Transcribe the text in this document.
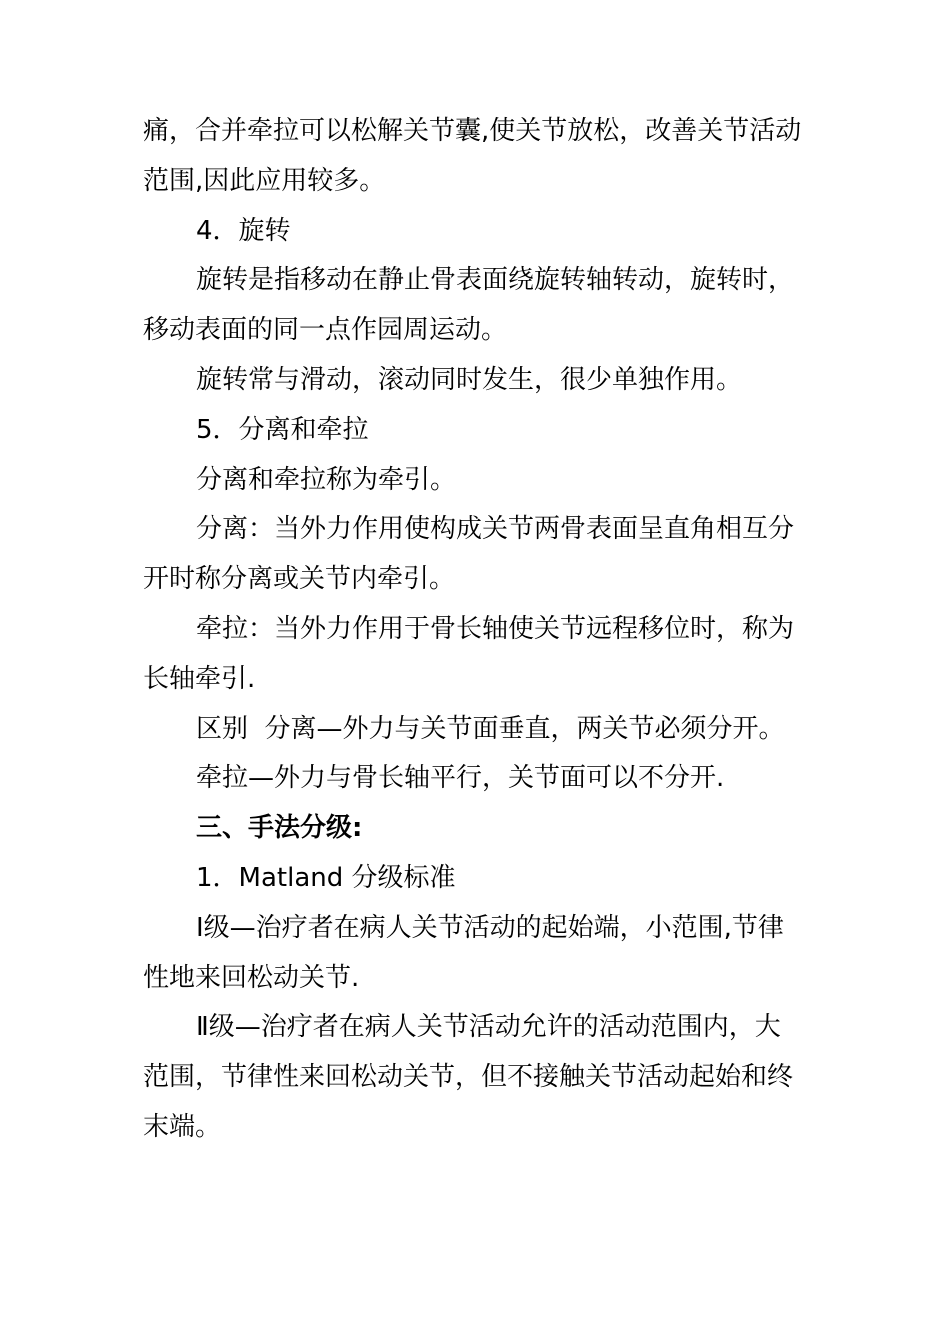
痛，合并牵拉可以松解关节囊,使关节放松，改善关节活动
范围,因此应用较多。
4．旋转
旋转是指移动在静止骨表面绕旋转轴转动，旋转时，
移动表面的同一点作园周运动。
旋转常与滑动，滚动同时发生，很少单独作用。
5．分离和牵拉
分离和牵拉称为牵引。
分离：当外力作用使构成关节两骨表面呈直角相互分
开时称分离或关节内牵引。
牵拉：当外力作用于骨长轴使关节远程移位时，称为
长轴牵引.
区别  分离—外力与关节面垂直，两关节必须分开。
牵拉—外力与骨长轴平行，关节面可以不分开.
三、手法分级:
1．Matland 分级标准
Ⅰ级—治疗者在病人关节活动的起始端，小范围,节律
性地来回松动关节.
Ⅱ级—治疗者在病人关节活动允许的活动范围内，大
范围，节律性来回松动关节，但不接触关节活动起始和终
末端。
